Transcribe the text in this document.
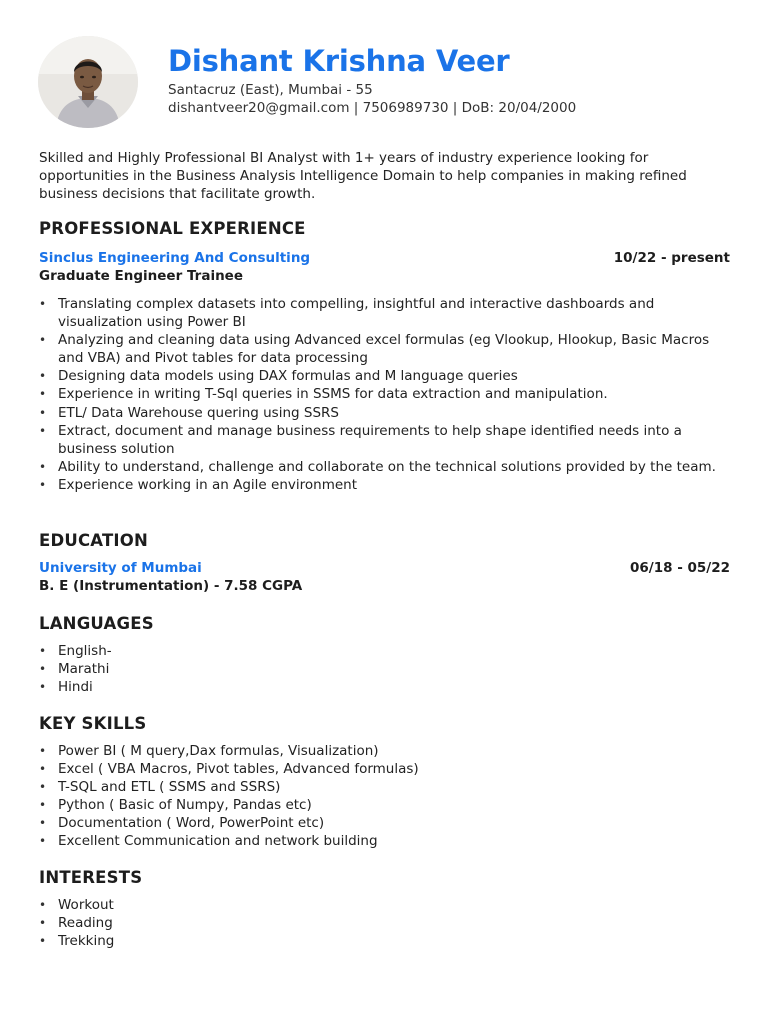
Dishant Krishna Veer

Santacruz (East), Mumbai - 55

dishantveer20@gmail.com | 7506989730 | DoB: 20/04/2000

Skilled and Highly Professional BI Analyst with 1+ years of industry experience looking for opportunities in the Business Analysis Intelligence Domain to help companies in making refined business decisions that facilitate growth.

PROFESSIONAL EXPERIENCE
Sinclus Engineering And Consulting	10/22 - present
Graduate Engineer Trainee
• Translating complex datasets into compelling, insightful and interactive dashboards and visualization using Power BI
• Analyzing and cleaning data using Advanced excel formulas (eg Vlookup, Hlookup, Basic Macros and VBA) and Pivot tables for data processing
• Designing data models using DAX formulas and M language queries
• Experience in writing T-Sql queries in SSMS for data extraction and manipulation.
• ETL/ Data Warehouse quering using SSRS
• Extract, document and manage business requirements to help shape identified needs into a business solution
• Ability to understand, challenge and collaborate on the technical solutions provided by the team.
• Experience working in an Agile environment
EDUCATION
University of Mumbai	06/18 - 05/22
B. E (Instrumentation) - 7.58 CGPA
LANGUAGES
• English-
• Marathi
• Hindi
KEY SKILLS
• Power BI ( M query,Dax formulas, Visualization)
• Excel ( VBA Macros, Pivot tables, Advanced formulas)
• T-SQL and ETL ( SSMS and SSRS)
• Python ( Basic of Numpy, Pandas etc)
• Documentation ( Word, PowerPoint etc)
• Excellent Communication and network building
INTERESTS
• Workout
• Reading
• Trekking
